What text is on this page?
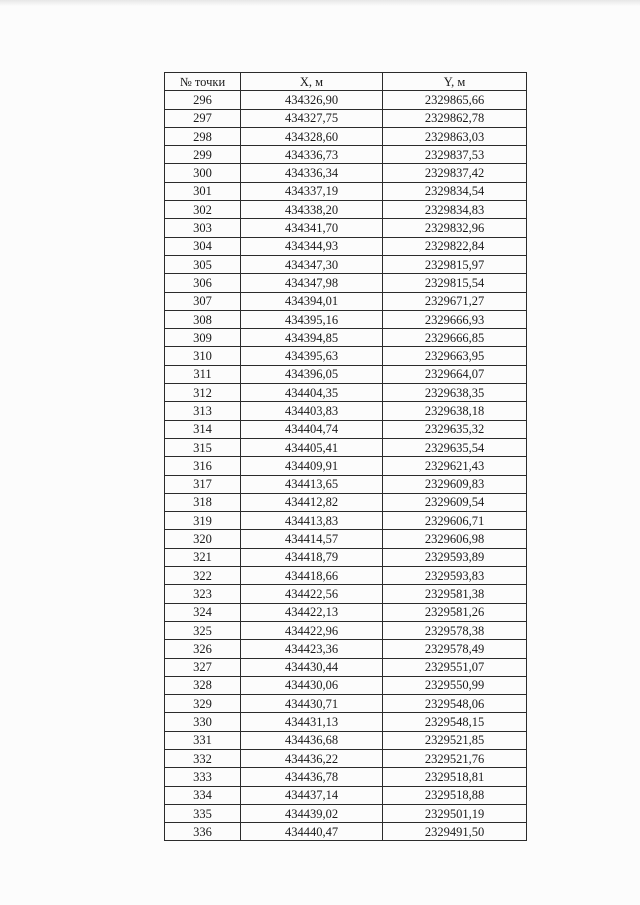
№ точки	X, м	Y, м
296	434326,90	2329865,66
297	434327,75	2329862,78
298	434328,60	2329863,03
299	434336,73	2329837,53
300	434336,34	2329837,42
301	434337,19	2329834,54
302	434338,20	2329834,83
303	434341,70	2329832,96
304	434344,93	2329822,84
305	434347,30	2329815,97
306	434347,98	2329815,54
307	434394,01	2329671,27
308	434395,16	2329666,93
309	434394,85	2329666,85
310	434395,63	2329663,95
311	434396,05	2329664,07
312	434404,35	2329638,35
313	434403,83	2329638,18
314	434404,74	2329635,32
315	434405,41	2329635,54
316	434409,91	2329621,43
317	434413,65	2329609,83
318	434412,82	2329609,54
319	434413,83	2329606,71
320	434414,57	2329606,98
321	434418,79	2329593,89
322	434418,66	2329593,83
323	434422,56	2329581,38
324	434422,13	2329581,26
325	434422,96	2329578,38
326	434423,36	2329578,49
327	434430,44	2329551,07
328	434430,06	2329550,99
329	434430,71	2329548,06
330	434431,13	2329548,15
331	434436,68	2329521,85
332	434436,22	2329521,76
333	434436,78	2329518,81
334	434437,14	2329518,88
335	434439,02	2329501,19
336	434440,47	2329491,50
